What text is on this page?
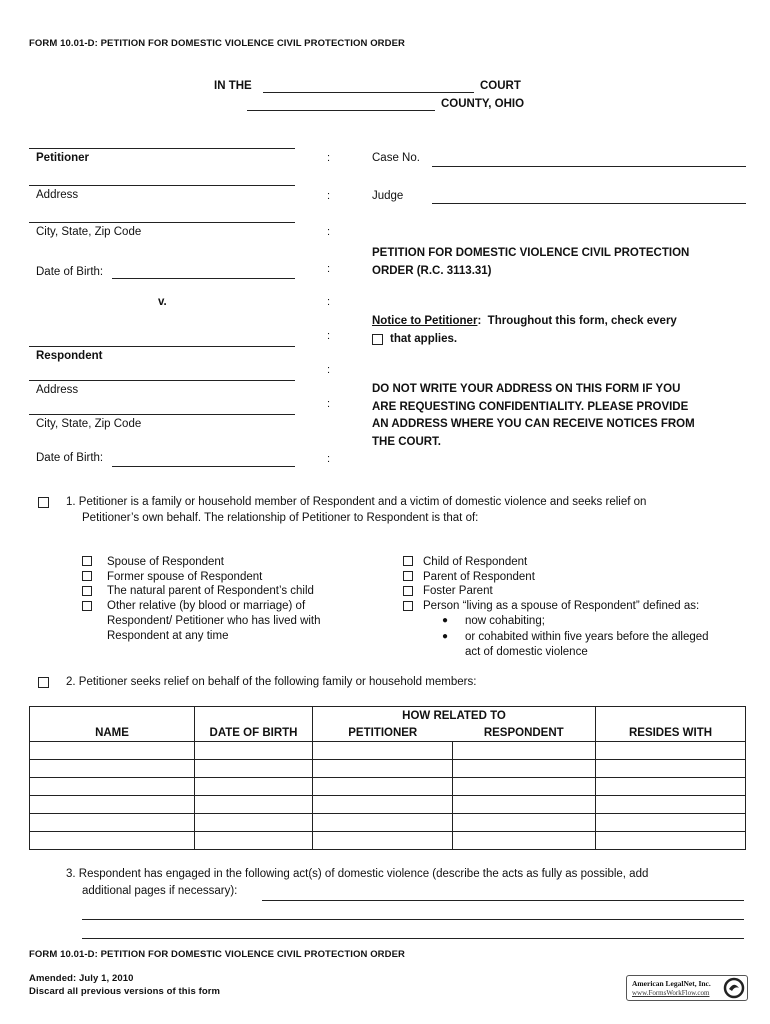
FORM 10.01-D: PETITION FOR DOMESTIC VIOLENCE CIVIL PROTECTION ORDER
IN THE	COURT
COUNTY, OHIO
Petitioner
Address
City, State, Zip Code
Date of Birth:
v.
Respondent
Address
City, State, Zip Code
Date of Birth:
:
:
:
:
:
:
:
:
:
Case No.
Judge
PETITION FOR DOMESTIC VIOLENCE CIVIL PROTECTION
ORDER (R.C. 3113.31)
Notice to Petitioner: Throughout this form, check every
that applies.
DO NOT WRITE YOUR ADDRESS ON THIS FORM IF YOU
ARE REQUESTING CONFIDENTIALITY. PLEASE PROVIDE
AN ADDRESS WHERE YOU CAN RECEIVE NOTICES FROM
THE COURT.
1. Petitioner is a family or household member of Respondent and a victim of domestic violence and seeks relief on
Petitioner’s own behalf. The relationship of Petitioner to Respondent is that of:
Spouse of Respondent
Former spouse of Respondent
The natural parent of Respondent’s child
Other relative (by blood or marriage) of
Respondent/ Petitioner who has lived with
Respondent at any time
Child of Respondent
Parent of Respondent
Foster Parent
Person “living as a spouse of Respondent” defined as:
● now cohabiting;
● or cohabited within five years before the alleged
act of domestic violence
2. Petitioner seeks relief on behalf of the following family or household members:
NAME	DATE OF BIRTH	HOW RELATED TO		RESIDES WITH
		PETITIONER	RESPONDENT	

3. Respondent has engaged in the following act(s) of domestic violence (describe the acts as fully as possible, add
additional pages if necessary):
FORM 10.01-D: PETITION FOR DOMESTIC VIOLENCE CIVIL PROTECTION ORDER
Amended: July 1, 2010
Discard all previous versions of this form
American LegalNet, Inc.
www.FormsWorkFlow.com
